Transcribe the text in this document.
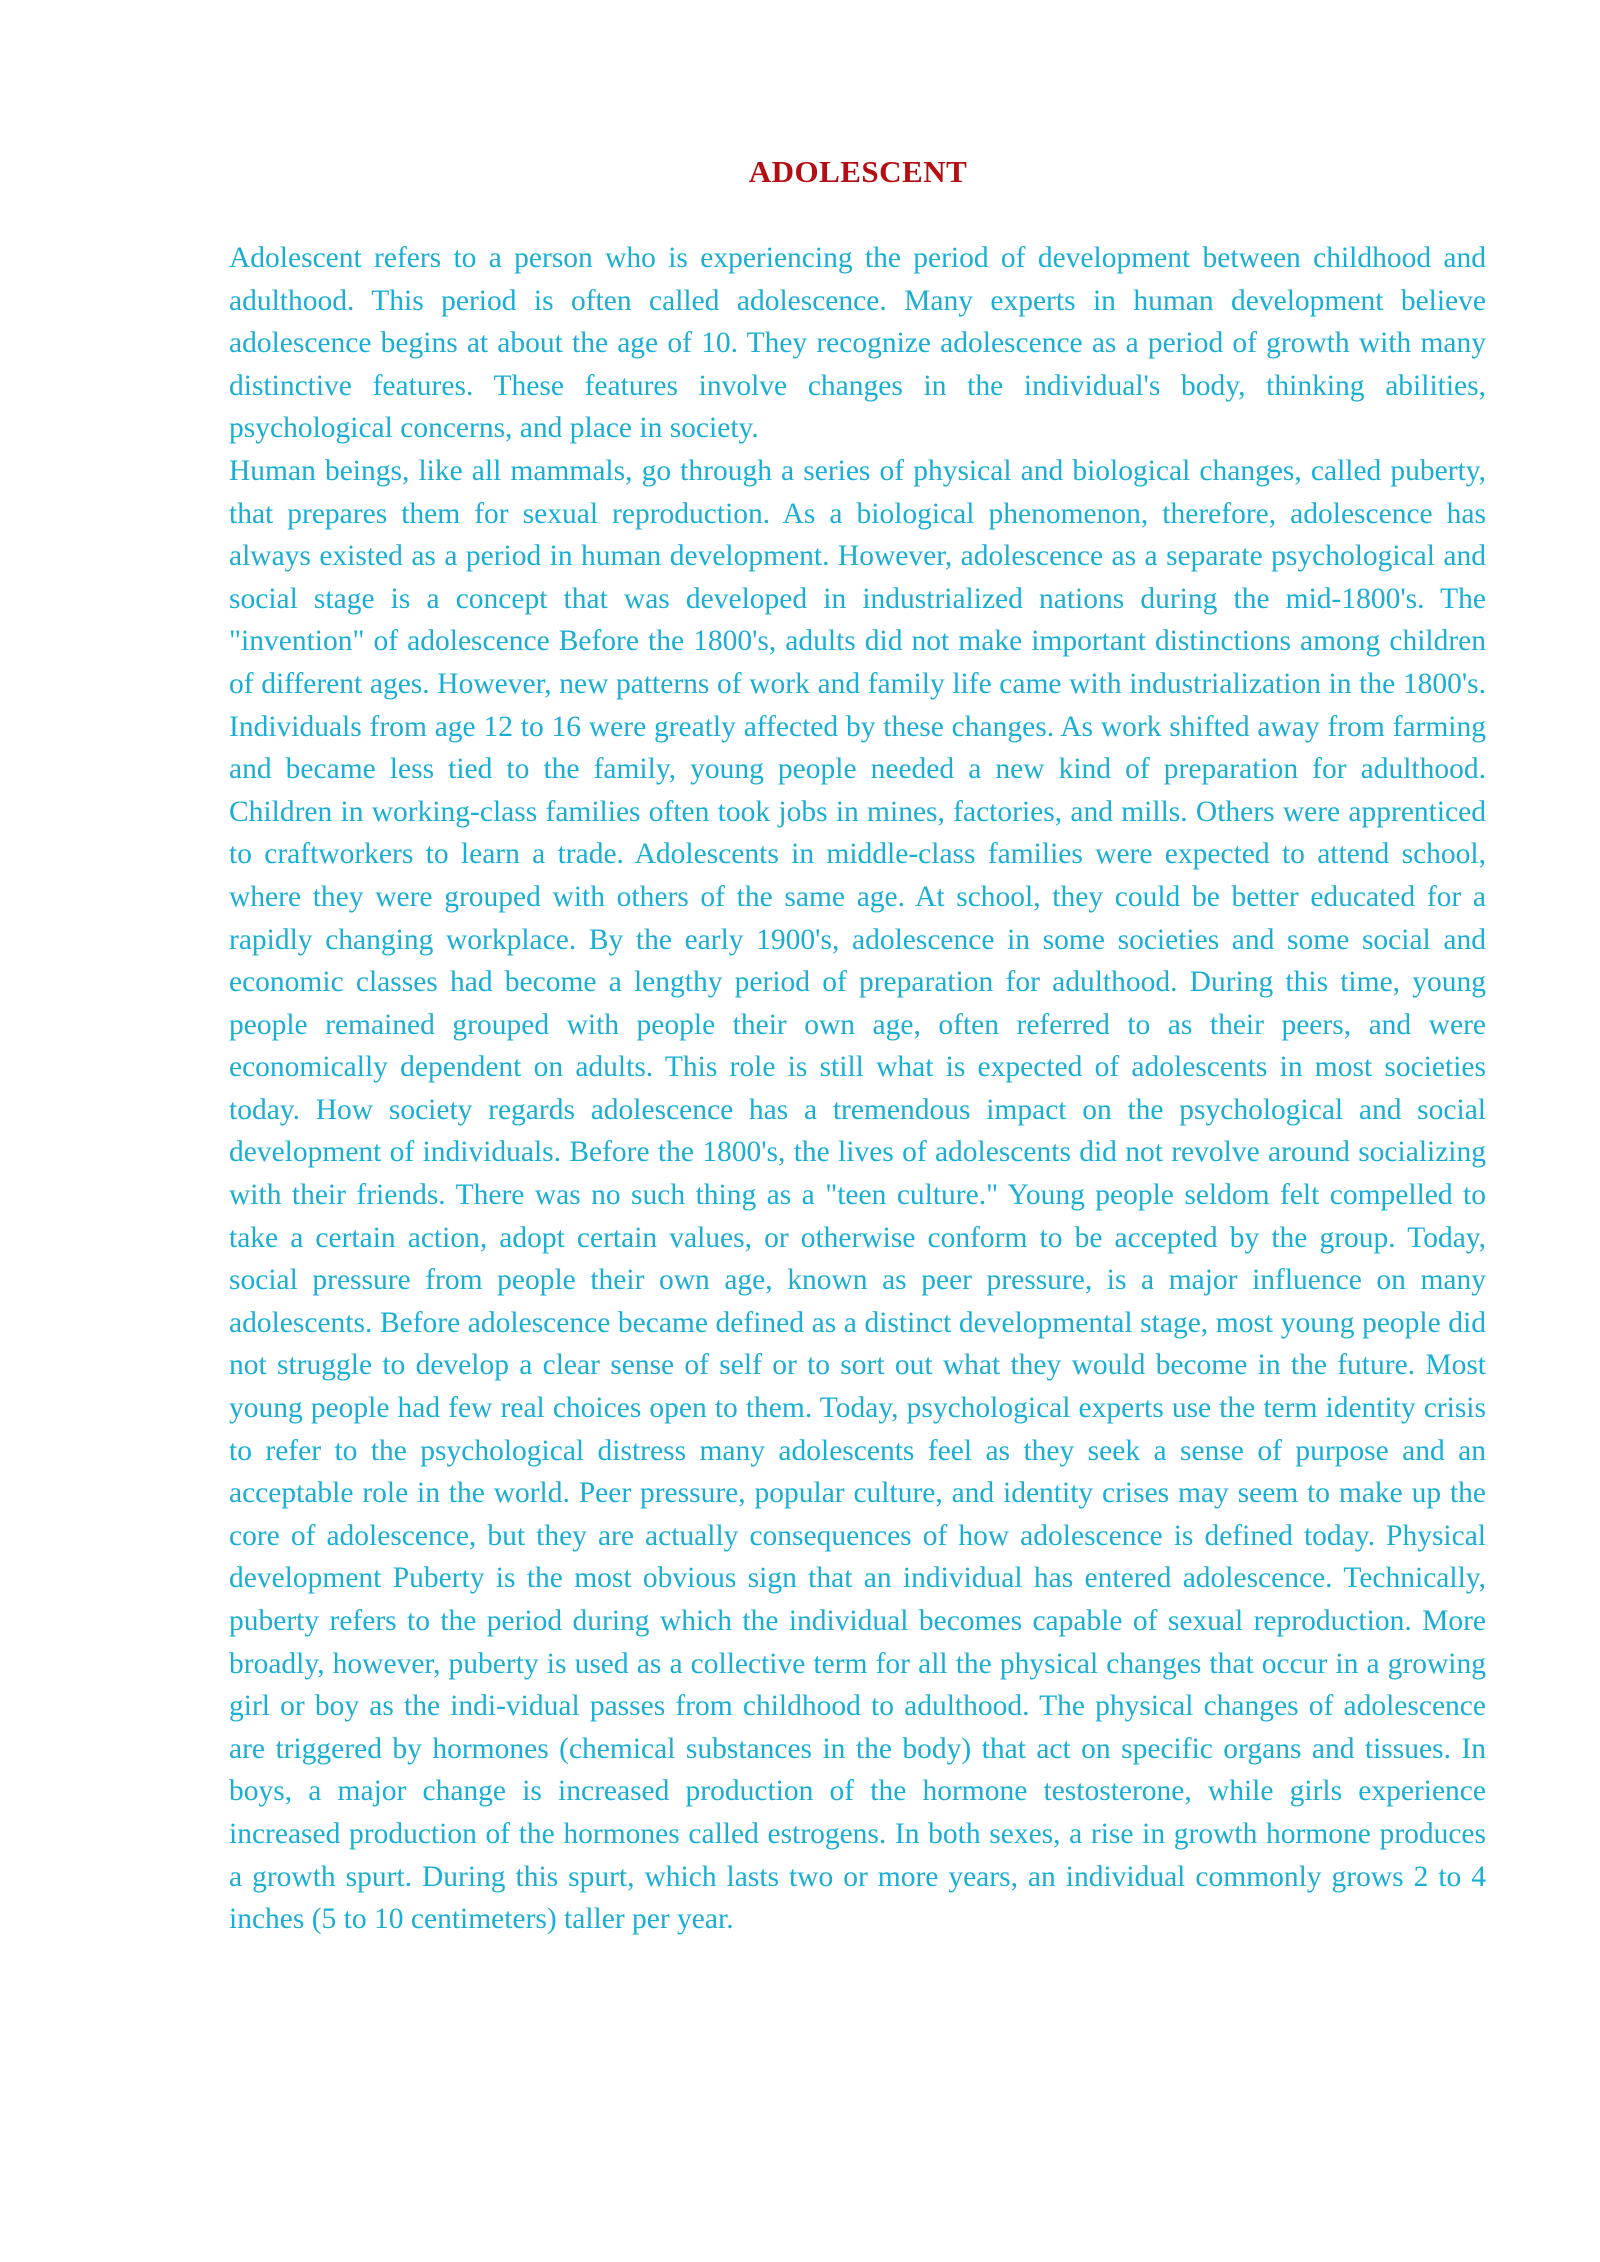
ADOLESCENT

Adolescent refers to a person who is experiencing the period of development between childhood and adulthood. This period is often called adolescence. Many experts in human development believe adolescence begins at about the age of 10. They recognize adolescence as a period of growth with many distinctive features. These features involve changes in the individual's body, thinking abilities, psychological concerns, and place in society.

Human beings, like all mammals, go through a series of physical and biological changes, called puberty, that prepares them for sexual reproduction. As a biological phenomenon, therefore, adolescence has always existed as a period in human development. However, adolescence as a separate psychological and social stage is a concept that was developed in industrialized nations during the mid-1800's. The "invention" of adolescence Before the 1800's, adults did not make important distinctions among children of different ages. However, new patterns of work and family life came with industrialization in the 1800's. Individuals from age 12 to 16 were greatly affected by these changes. As work shifted away from farming and became less tied to the family, young people needed a new kind of preparation for adulthood. Children in working-class families often took jobs in mines, factories, and mills. Others were apprenticed to craftworkers to learn a trade. Adolescents in middle-class families were expected to attend school, where they were grouped with others of the same age. At school, they could be better educated for a rapidly changing workplace. By the early 1900's, adolescence in some societies and some social and economic classes had become a lengthy period of preparation for adulthood. During this time, young people remained grouped with people their own age, often referred to as their peers, and were economically dependent on adults. This role is still what is expected of adolescents in most societies today. How society regards adolescence has a tremendous impact on the psychological and social development of individuals. Before the 1800's, the lives of adolescents did not revolve around socializing with their friends. There was no such thing as a "teen culture." Young people seldom felt compelled to take a certain action, adopt certain values, or otherwise conform to be accepted by the group. Today, social pressure from people their own age, known as peer pressure, is a major influence on many adolescents. Before adolescence became defined as a distinct developmental stage, most young people did not struggle to develop a clear sense of self or to sort out what they would become in the future. Most young people had few real choices open to them. Today, psychological experts use the term identity crisis to refer to the psychological distress many adolescents feel as they seek a sense of purpose and an acceptable role in the world. Peer pressure, popular culture, and identity crises may seem to make up the core of adolescence, but they are actually consequences of how adolescence is defined today. Physical development Puberty is the most obvious sign that an individual has entered adolescence. Technically, puberty refers to the period during which the individual becomes capable of sexual reproduction. More broadly, however, puberty is used as a collective term for all the physical changes that occur in a growing girl or boy as the indi-vidual passes from childhood to adulthood. The physical changes of adolescence are triggered by hormones (chemical substances in the body) that act on specific organs and tissues. In boys, a major change is increased production of the hormone testosterone, while girls experience increased production of the hormones called estrogens. In both sexes, a rise in growth hormone produces a growth spurt. During this spurt, which lasts two or more years, an individual commonly grows 2 to 4 inches (5 to 10 centimeters) taller per year.
